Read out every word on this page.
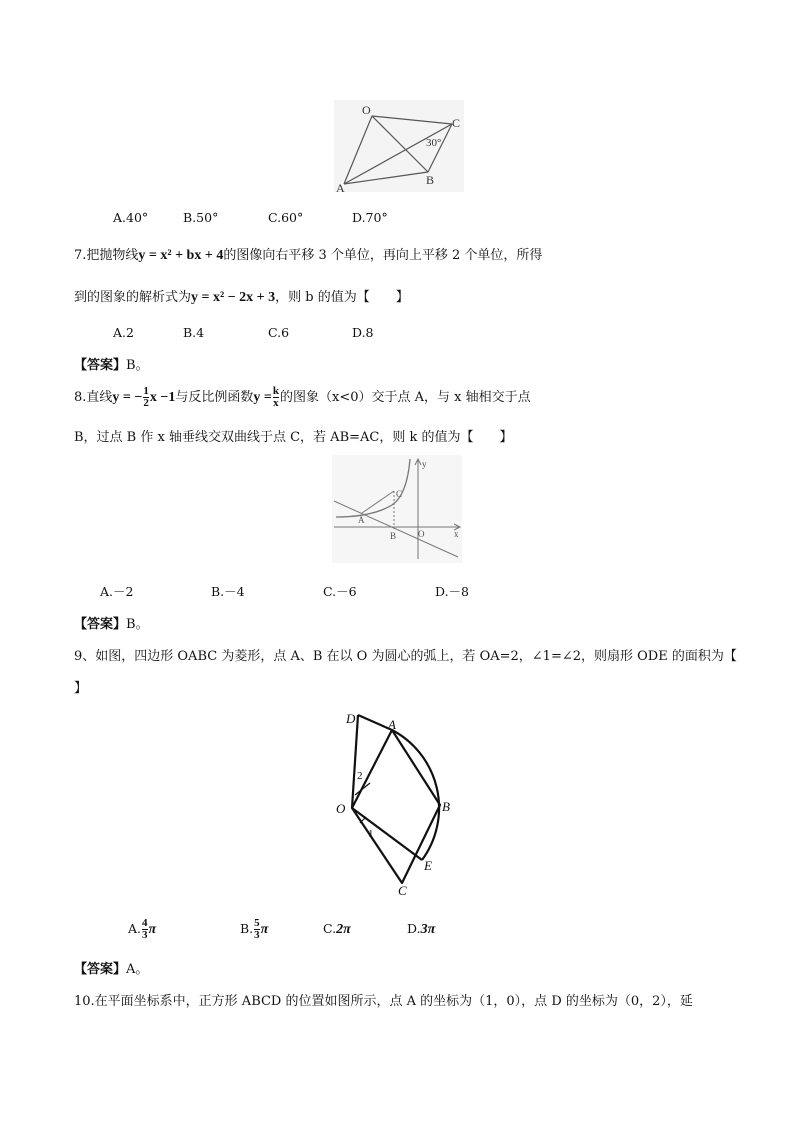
O
C
A
B
30°
A.40°	B.50°	C.60°	D.70°
7.把抛物线y = x² + bx + 4的图像向右平移 3 个单位，再向上平移 2 个单位，所得
到的图象的解析式为y = x² − 2x + 3，则 b 的值为【　　】
A.2	B.4	C.6	D.8
【答案】B。
8.直线y = − $\frac{1}{2}$ x −1与反比例函数$y = \frac{k}{x}$ 的图象（x<0）交于点 A，与 x 轴相交于点
B，过点 B 作 x 轴垂线交双曲线于点 C，若 AB=AC，则 k 的值为【　　】
y
x
C
A
B O
A.－2	B.－4	C.－6	D.－8
【答案】B。
9、如图，四边形 OABC 为菱形，点 A、B 在以 O 为圆心的弧上，若 OA=2，∠1=∠2，则扇形 ODE 的面积为【
】
D	A
B
O
C
E
1
2
A. $\frac{4}{3}$ π	B. $\frac{5}{3}$ π	C.2π	D.3π
【答案】A。
10.在平面坐标系中，正方形 ABCD 的位置如图所示，点 A 的坐标为（1，0），点 D 的坐标为（0，2），延
